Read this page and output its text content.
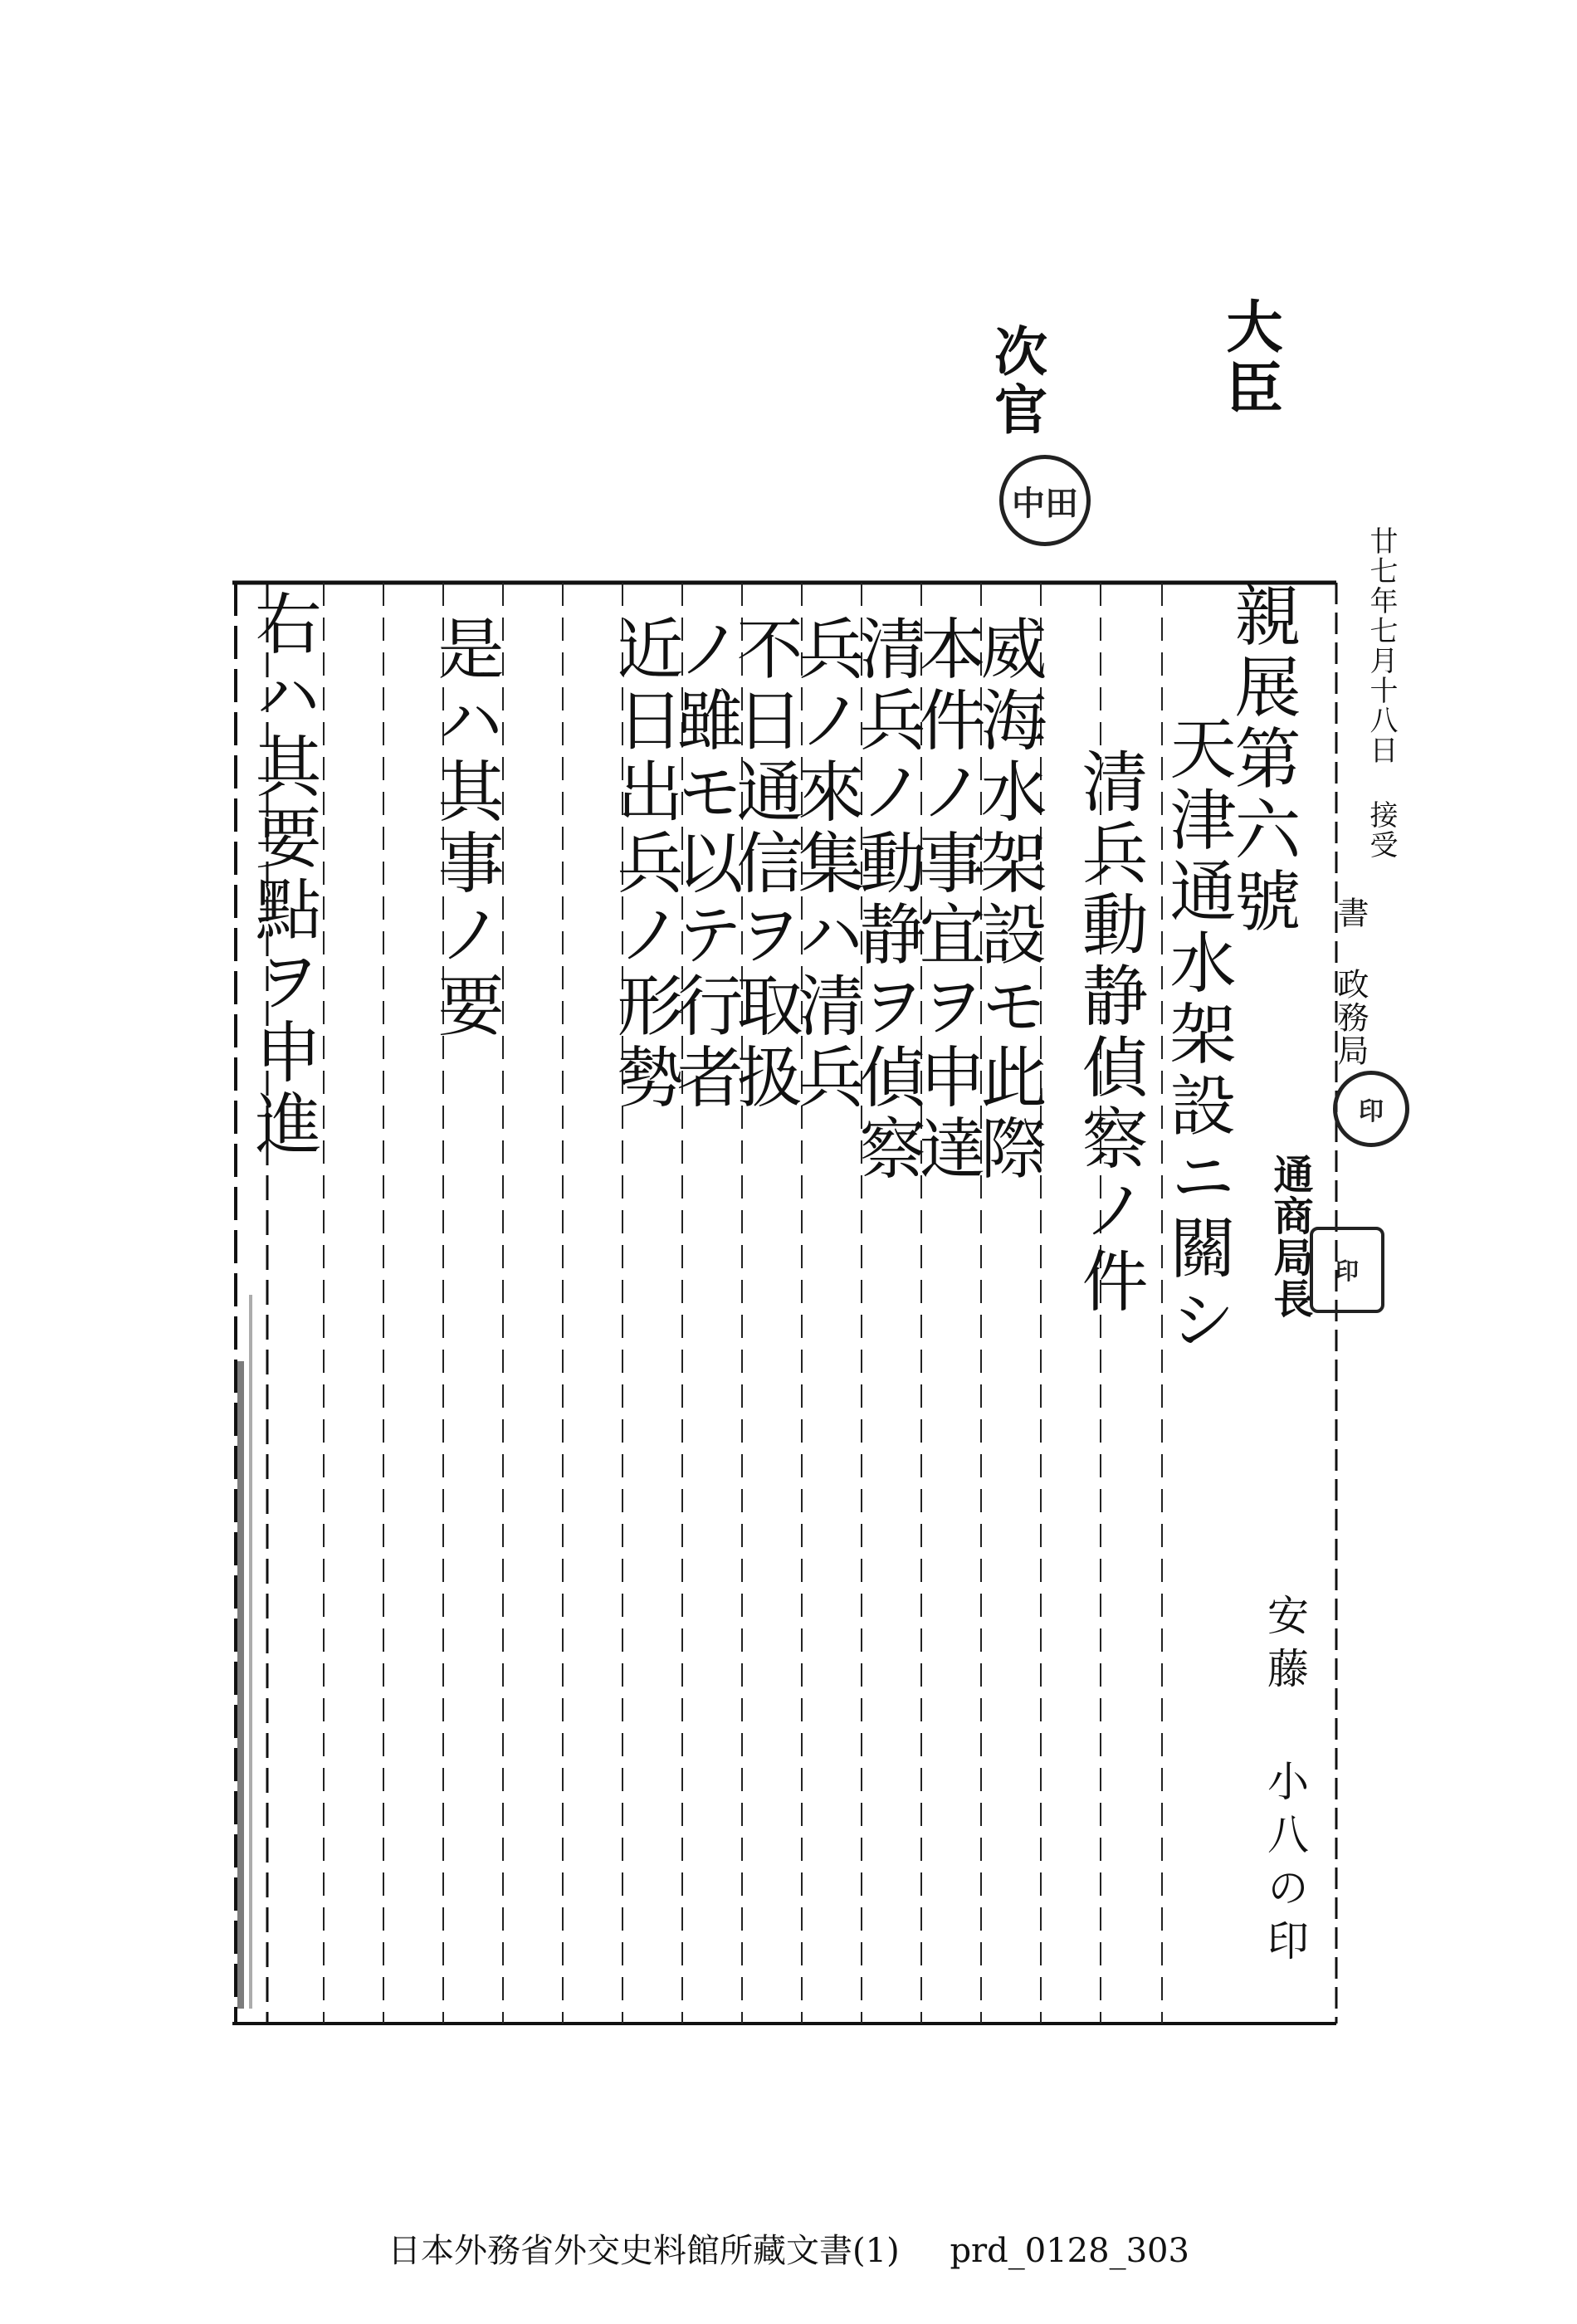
大臣
次官
中田
廿七年七月十八日 接受
書 政務局
印
通商局長 印
安藤 小八の印
親展第六號
天津通水架設ニ關シ
清兵動静偵察ノ件
威海水架設モ此際
本件ノ事宜ヲ申達
清兵ノ動静ヲ偵察
兵ノ來集ハ清兵
不日通信ヲ取扱
ノ雖モ以テ行者
近日出兵ノ形勢
是ハ其事ノ要
右ハ其要點ヲ申進
日本外務省外交史料館所藏文書(1) prd_0128_303
